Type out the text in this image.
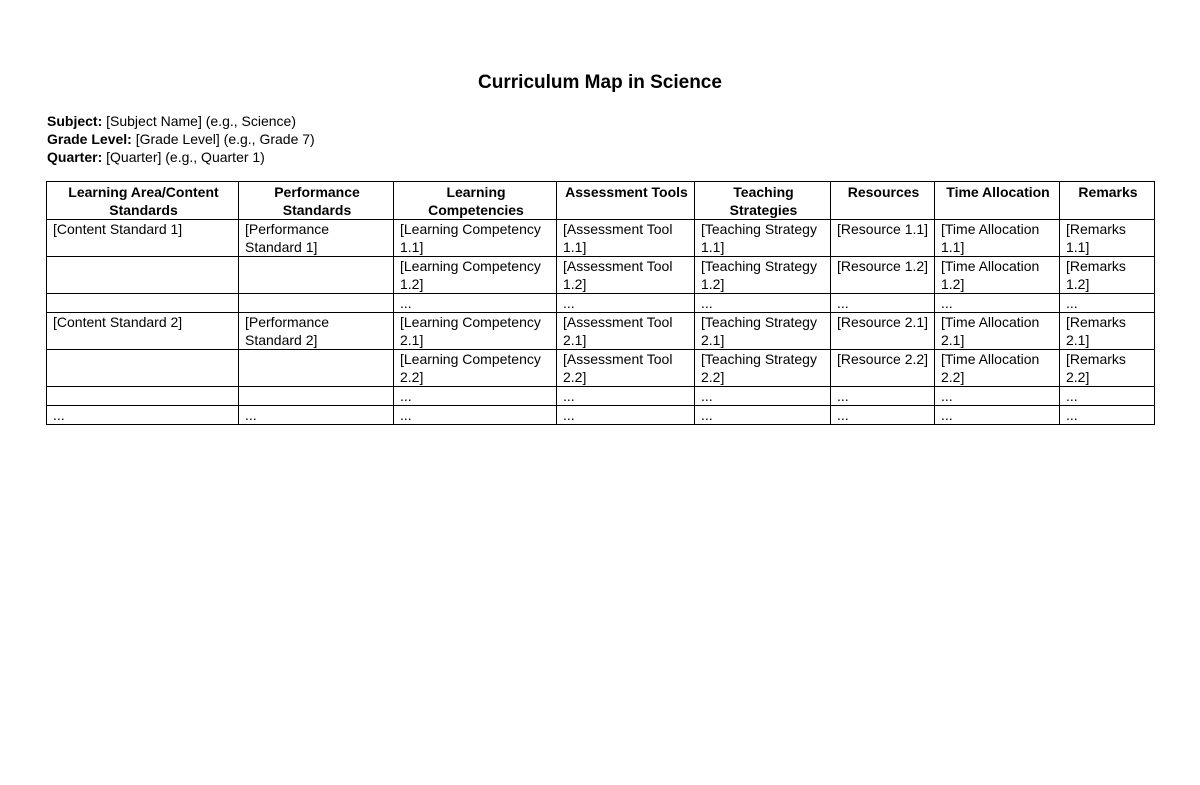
Curriculum Map in Science
Subject: [Subject Name] (e.g., Science)
Grade Level: [Grade Level] (e.g., Grade 7)
Quarter: [Quarter] (e.g., Quarter 1)
Learning Area/Content Standards	Performance Standards	Learning Competencies	Assessment Tools	Teaching Strategies	Resources	Time Allocation	Remarks
[Content Standard 1]	[Performance Standard 1]	[Learning Competency 1.1]	[Assessment Tool 1.1]	[Teaching Strategy 1.1]	[Resource 1.1]	[Time Allocation 1.1]	[Remarks 1.1]
		[Learning Competency 1.2]	[Assessment Tool 1.2]	[Teaching Strategy 1.2]	[Resource 1.2]	[Time Allocation 1.2]	[Remarks 1.2]
		...	...	...	...	...	...
[Content Standard 2]	[Performance Standard 2]	[Learning Competency 2.1]	[Assessment Tool 2.1]	[Teaching Strategy 2.1]	[Resource 2.1]	[Time Allocation 2.1]	[Remarks 2.1]
		[Learning Competency 2.2]	[Assessment Tool 2.2]	[Teaching Strategy 2.2]	[Resource 2.2]	[Time Allocation 2.2]	[Remarks 2.2]
		...	...	...	...	...	...
...	...	...	...	...	...	...	...
